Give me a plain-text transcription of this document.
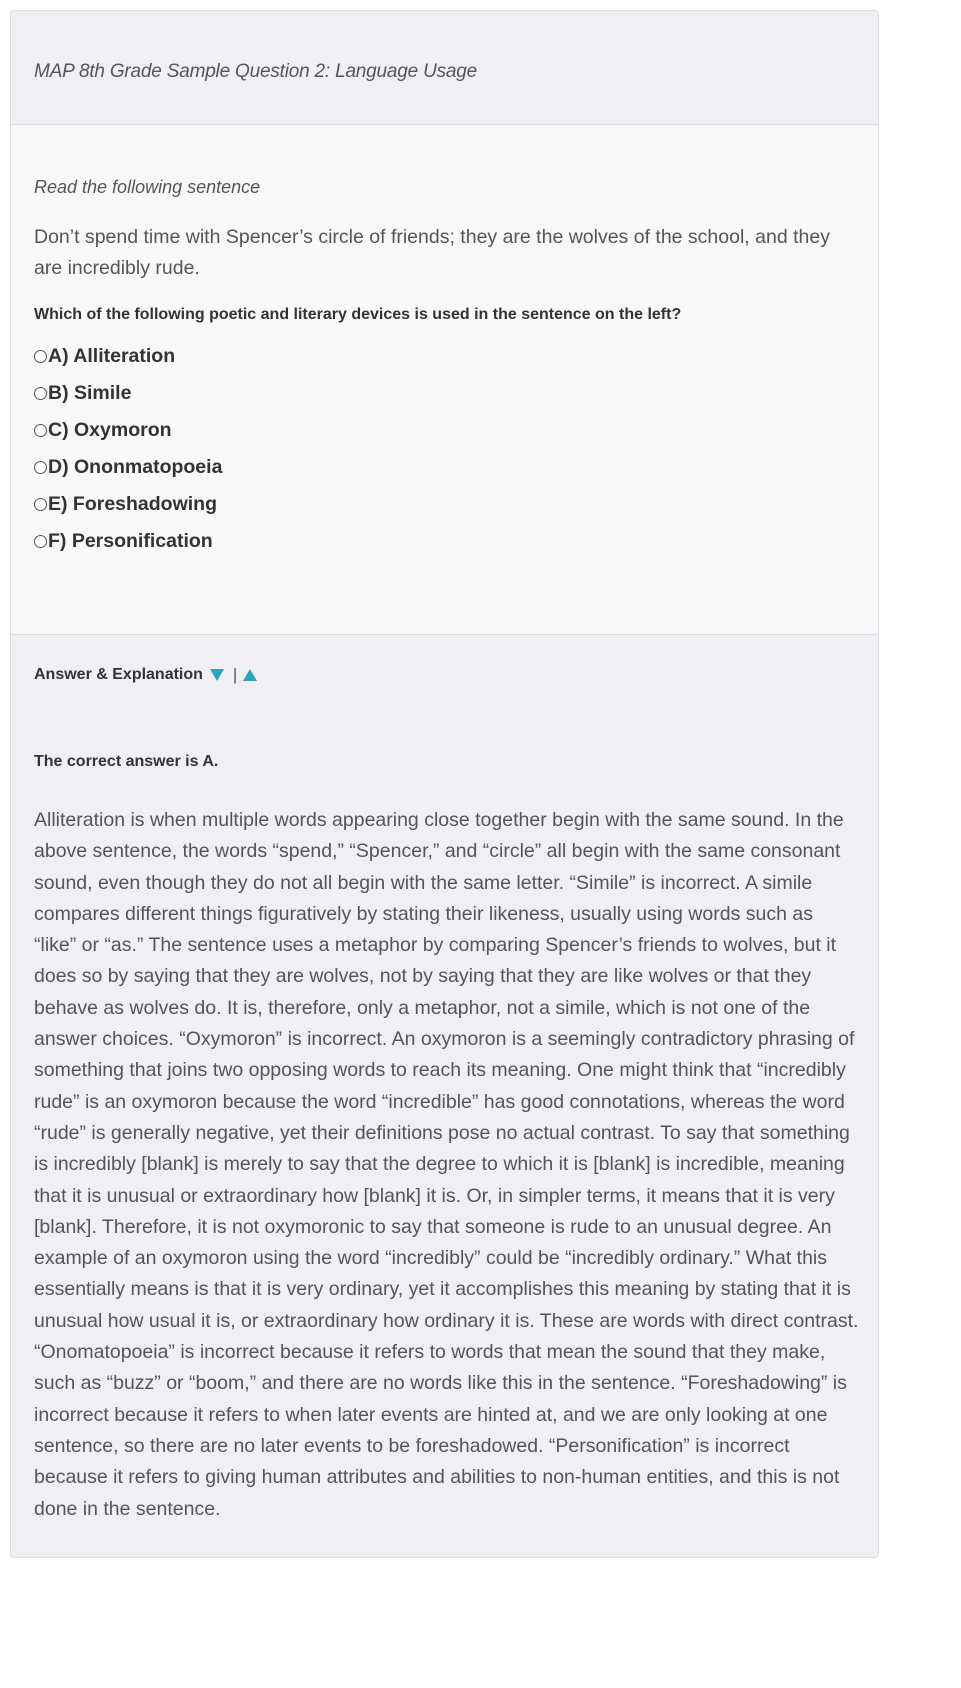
MAP 8th Grade Sample Question 2: Language Usage
Read the following sentence
Don’t spend time with Spencer’s circle of friends; they are the wolves of the school, and they are incredibly rude.
Which of the following poetic and literary devices is used in the sentence on the left?
A) Alliteration
B) Simile
C) Oxymoron
D) Ononmatopoeia
E) Foreshadowing
F) Personification
Answer & Explanation |
The correct answer is A.
Alliteration is when multiple words appearing close together begin with the same sound. In the above sentence, the words “spend,” “Spencer,” and “circle” all begin with the same consonant sound, even though they do not all begin with the same letter. “Simile” is incorrect. A simile compares different things figuratively by stating their likeness, usually using words such as “like” or “as.” The sentence uses a metaphor by comparing Spencer’s friends to wolves, but it does so by saying that they are wolves, not by saying that they are like wolves or that they behave as wolves do. It is, therefore, only a metaphor, not a simile, which is not one of the answer choices. “Oxymoron” is incorrect. An oxymoron is a seemingly contradictory phrasing of something that joins two opposing words to reach its meaning. One might think that “incredibly rude” is an oxymoron because the word “incredible” has good connotations, whereas the word “rude” is generally negative, yet their definitions pose no actual contrast. To say that something is incredibly [blank] is merely to say that the degree to which it is [blank] is incredible, meaning that it is unusual or extraordinary how [blank] it is. Or, in simpler terms, it means that it is very [blank]. Therefore, it is not oxymoronic to say that someone is rude to an unusual degree. An example of an oxymoron using the word “incredibly” could be “incredibly ordinary.” What this essentially means is that it is very ordinary, yet it accomplishes this meaning by stating that it is unusual how usual it is, or extraordinary how ordinary it is. These are words with direct contrast. “Onomatopoeia” is incorrect because it refers to words that mean the sound that they make, such as “buzz” or “boom,” and there are no words like this in the sentence. “Foreshadowing” is incorrect because it refers to when later events are hinted at, and we are only looking at one sentence, so there are no later events to be foreshadowed. “Personification” is incorrect because it refers to giving human attributes and abilities to non-human entities, and this is not done in the sentence.
